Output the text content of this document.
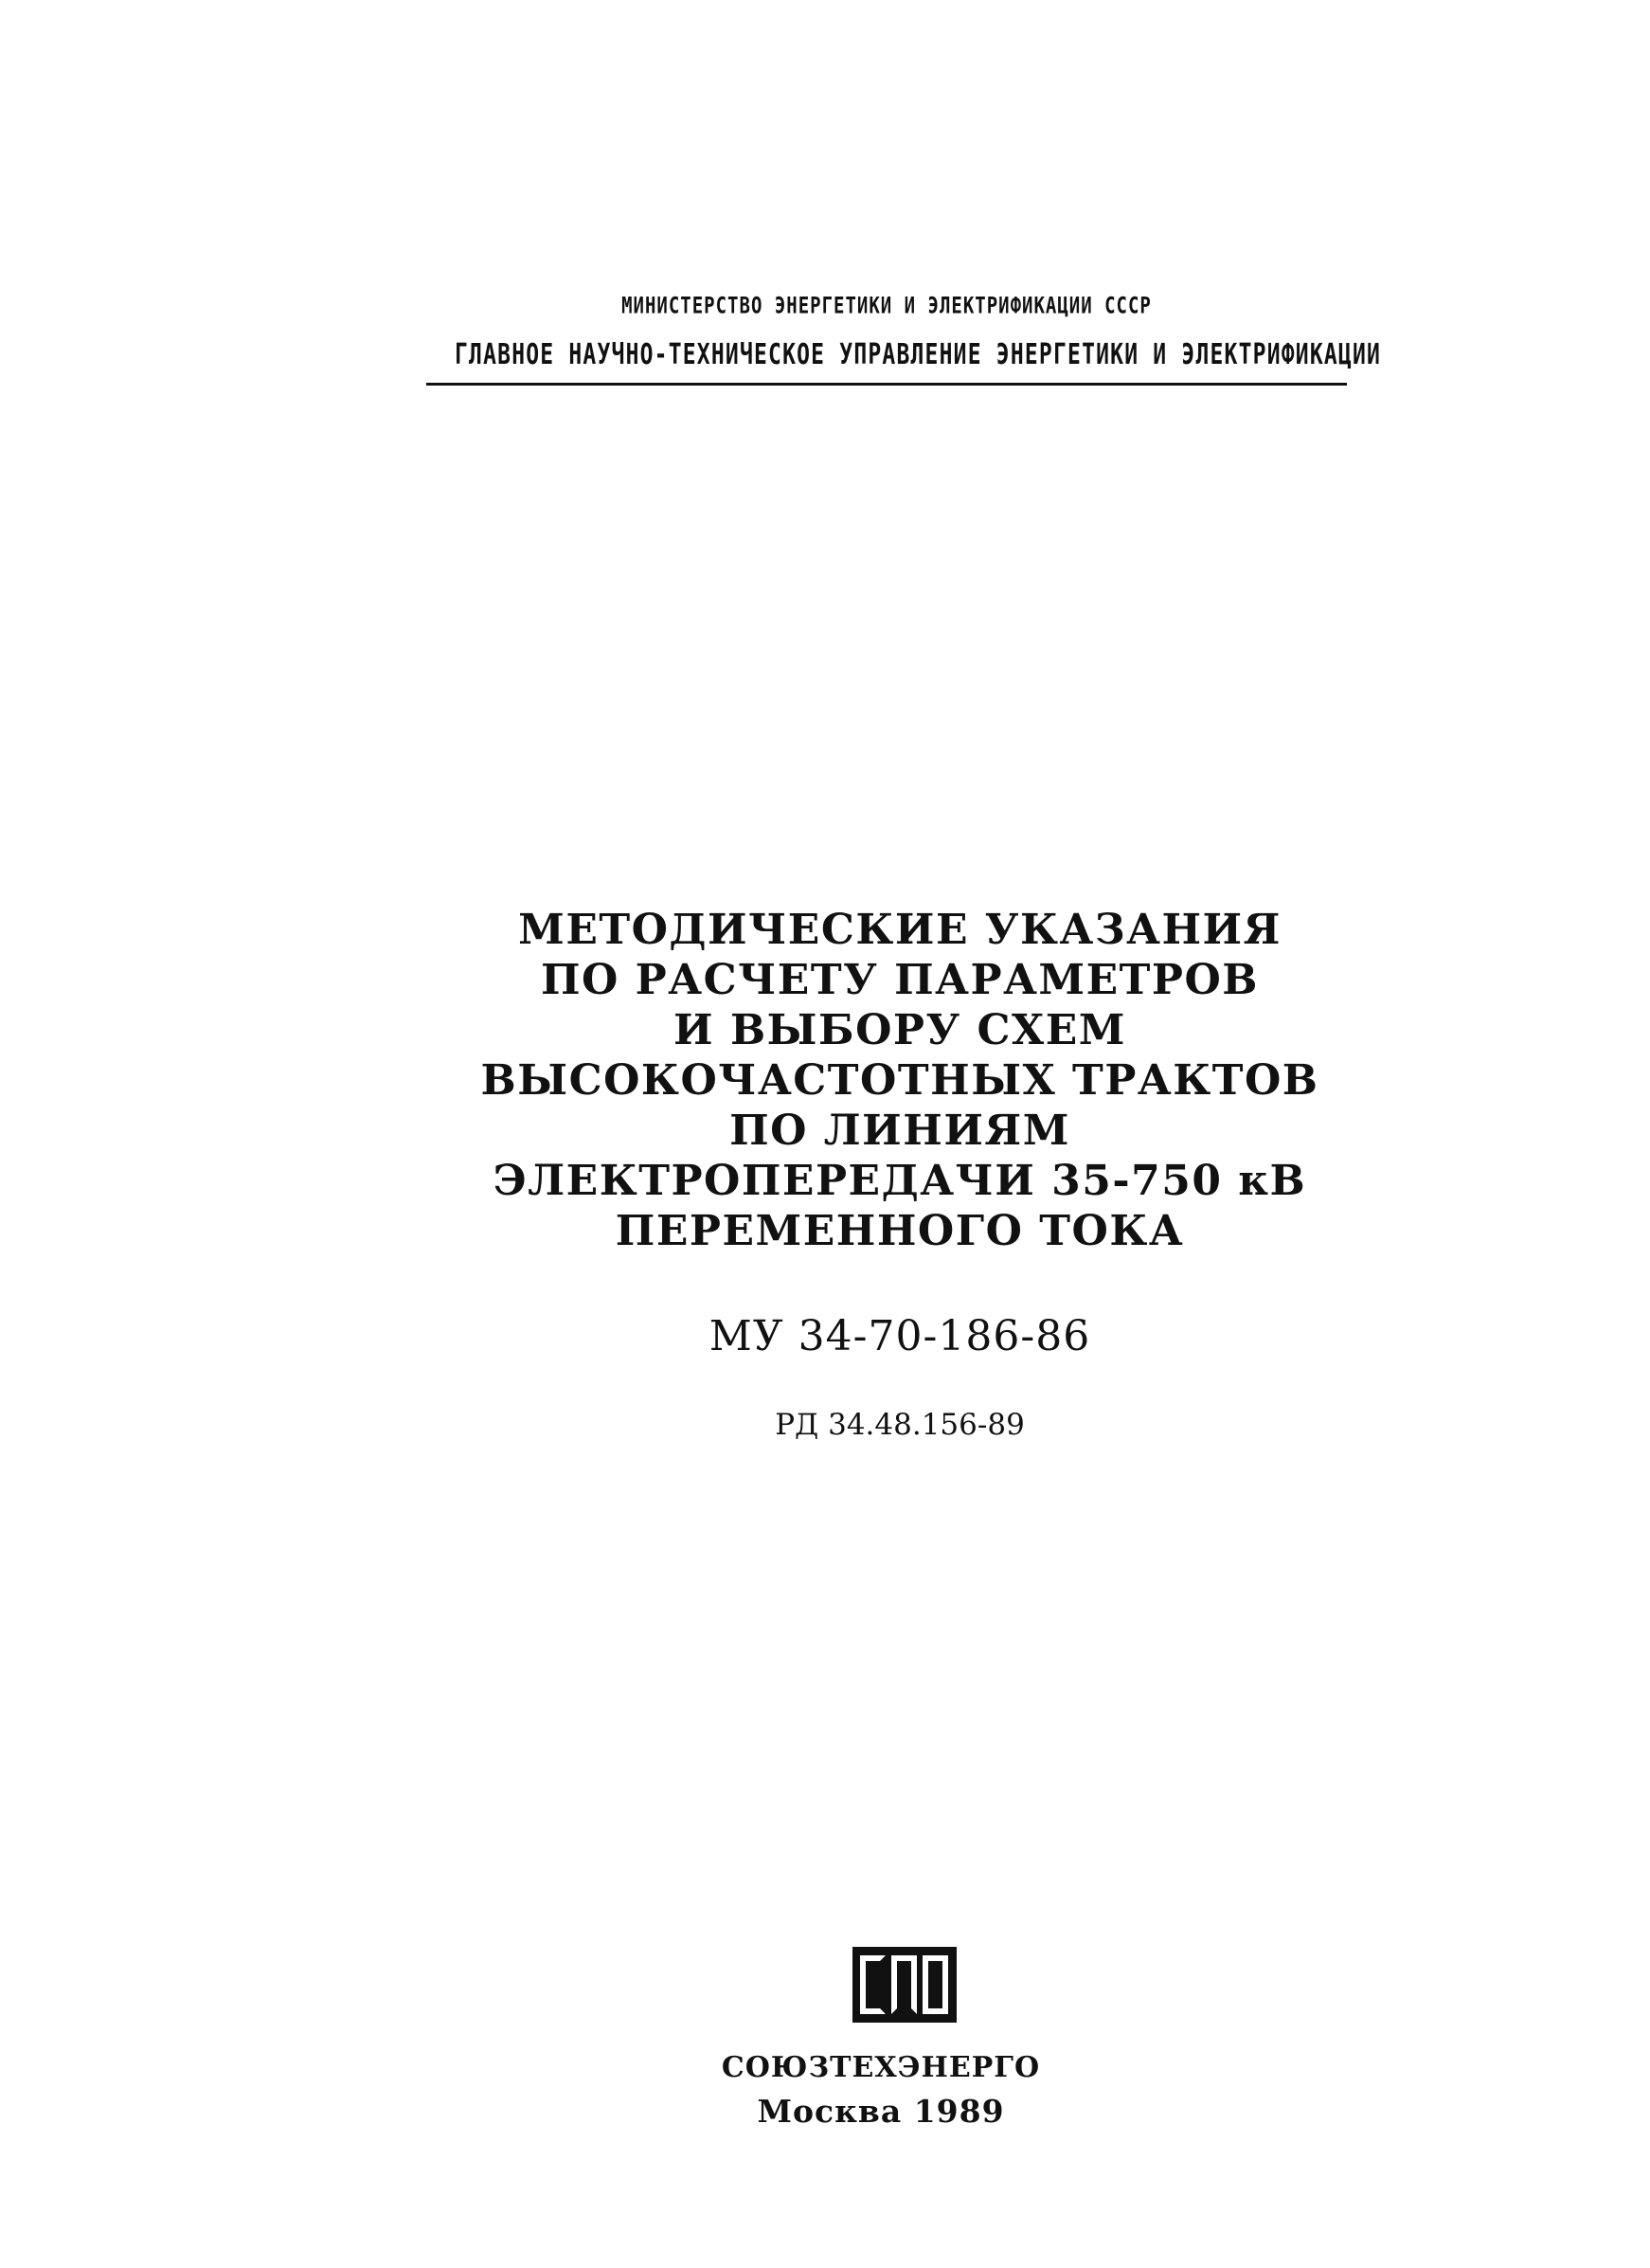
МИНИСТЕРСТВО ЭНЕРГЕТИКИ И ЭЛЕКТРИФИКАЦИИ СССР
ГЛАВНОЕ НАУЧНО-ТЕХНИЧЕСКОЕ УПРАВЛЕНИЕ ЭНЕРГЕТИКИ И ЭЛЕКТРИФИКАЦИИ
МЕТОДИЧЕСКИЕ УКАЗАНИЯ
ПО РАСЧЕТУ ПАРАМЕТРОВ
И ВЫБОРУ СХЕМ
ВЫСОКОЧАСТОТНЫХ ТРАКТОВ
ПО ЛИНИЯМ
ЭЛЕКТРОПЕРЕДАЧИ 35-750 кВ
ПЕРЕМЕННОГО ТОКА
МУ 34-70-186-86
РД 34.48.156-89
СОЮЗТЕХЭНЕРГО
Москва 1989
